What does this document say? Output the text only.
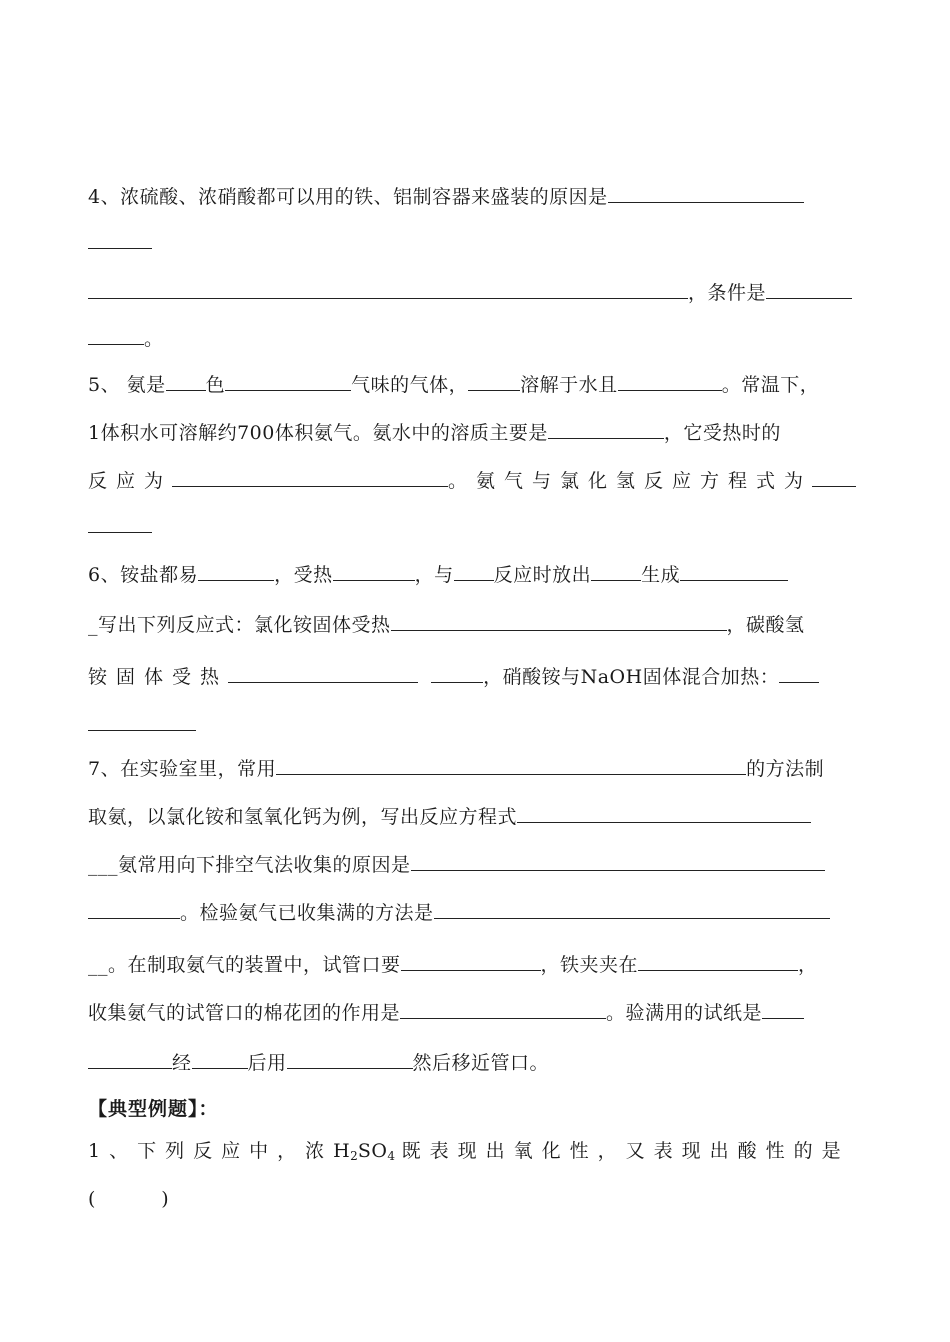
4、浓硫酸、浓硝酸都可以用的铁、铝制容器来盛装的原因是
，条件是
。
5、 氨是 色	气味的气体，	溶解于水且	。常温下，
1体积水可溶解约700体积氨气。氨水中的溶质主要是	，它受热时的
反应为	。氨气与氯化氢反应方程式为
6、铵盐都易	，受热	，与 反应时放出	生成
_写出下列反应式：氯化铵固体受热	，碳酸氢
铵固体受热	，硝酸铵与NaOH固体混合加热：
7、在实验室里，常用	的方法制
取氨，以氯化铵和氢氧化钙为例，写出反应方程式
___氨常用向下排空气法收集的原因是
。检验氨气已收集满的方法是
__。在制取氨气的装置中，试管口要	，铁夹夹在	，
收集氨气的试管口的棉花团的作用是	。验满用的试纸是
经	后用	然后移近管口。
【典型例题】：
1、下列反应中，浓$H_2SO_4$ 既表现出氧化性，又表现出酸性的是
(          )
